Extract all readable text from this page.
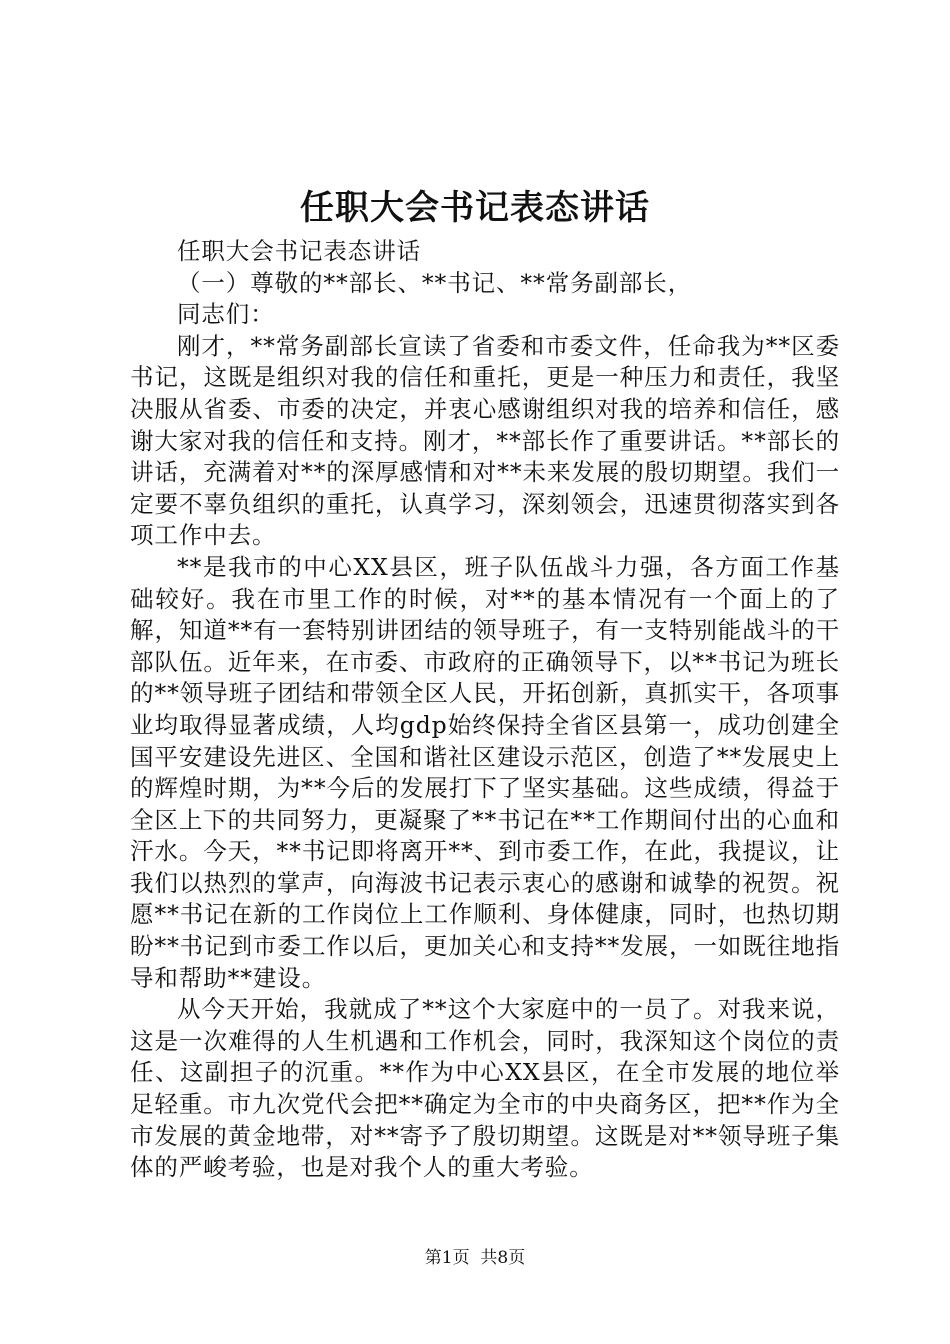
任职大会书记表态讲话

任职大会书记表态讲话

（一）尊敬的**部长、**书记、**常务副部长，

同志们：

刚才，**常务副部长宣读了省委和市委文件，任命我为**区委书记，这既是组织对我的信任和重托，更是一种压力和责任，我坚决服从省委、市委的决定，并衷心感谢组织对我的培养和信任，感谢大家对我的信任和支持。刚才，**部长作了重要讲话。**部长的讲话，充满着对**的深厚感情和对**未来发展的殷切期望。我们一定要不辜负组织的重托，认真学习，深刻领会，迅速贯彻落实到各项工作中去。

**是我市的中心XX县区，班子队伍战斗力强，各方面工作基础较好。我在市里工作的时候，对**的基本情况有一个面上的了解，知道**有一套特别讲团结的领导班子，有一支特别能战斗的干部队伍。近年来，在市委、市政府的正确领导下，以**书记为班长的**领导班子团结和带领全区人民，开拓创新，真抓实干，各项事业均取得显著成绩，人均gdp始终保持全省区县第一，成功创建全国平安建设先进区、全国和谐社区建设示范区，创造了**发展史上的辉煌时期，为**今后的发展打下了坚实基础。这些成绩，得益于全区上下的共同努力，更凝聚了**书记在**工作期间付出的心血和汗水。今天，**书记即将离开**、到市委工作，在此，我提议，让我们以热烈的掌声，向海波书记表示衷心的感谢和诚挚的祝贺。祝愿**书记在新的工作岗位上工作顺利、身体健康，同时，也热切期盼**书记到市委工作以后，更加关心和支持**发展，一如既往地指导和帮助**建设。

从今天开始，我就成了**这个大家庭中的一员了。对我来说，这是一次难得的人生机遇和工作机会，同时，我深知这个岗位的责任、这副担子的沉重。**作为中心XX县区，在全市发展的地位举足轻重。市九次党代会把**确定为全市的中央商务区，把**作为全市发展的黄金地带，对**寄予了殷切期望。这既是对**领导班子集体的严峻考验，也是对我个人的重大考验。

第1页 共8页
